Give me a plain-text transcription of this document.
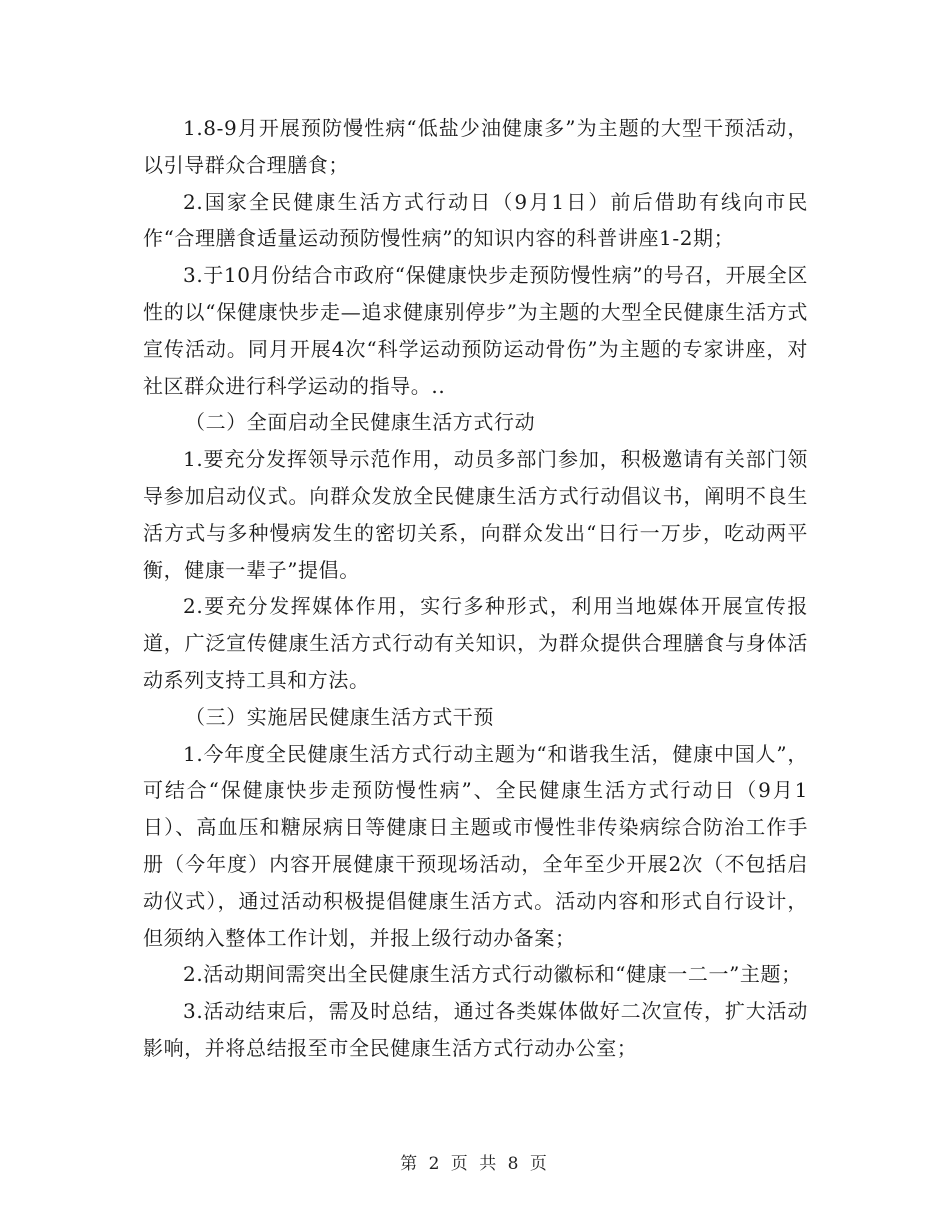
1.8-9月开展预防慢性病“低盐少油健康多”为主题的大型干预活动，以引导群众合理膳食；

2.国家全民健康生活方式行动日（9月1日）前后借助有线向市民作“合理膳食适量运动预防慢性病”的知识内容的科普讲座1-2期；

3.于10月份结合市政府“保健康快步走预防慢性病”的号召，开展全区性的以“保健康快步走—追求健康别停步”为主题的大型全民健康生活方式宣传活动。同月开展4次“科学运动预防运动骨伤”为主题的专家讲座，对社区群众进行科学运动的指导。..

（二）全面启动全民健康生活方式行动

1.要充分发挥领导示范作用，动员多部门参加，积极邀请有关部门领导参加启动仪式。向群众发放全民健康生活方式行动倡议书，阐明不良生活方式与多种慢病发生的密切关系，向群众发出“日行一万步，吃动两平衡，健康一辈子”提倡。

2.要充分发挥媒体作用，实行多种形式，利用当地媒体开展宣传报道，广泛宣传健康生活方式行动有关知识，为群众提供合理膳食与身体活动系列支持工具和方法。

（三）实施居民健康生活方式干预

1.今年度全民健康生活方式行动主题为“和谐我生活，健康中国人”，可结合“保健康快步走预防慢性病”、全民健康生活方式行动日（9月1日）、高血压和糖尿病日等健康日主题或市慢性非传染病综合防治工作手册（今年度）内容开展健康干预现场活动，全年至少开展2次（不包括启动仪式），通过活动积极提倡健康生活方式。活动内容和形式自行设计，但须纳入整体工作计划，并报上级行动办备案；

2.活动期间需突出全民健康生活方式行动徽标和“健康一二一”主题；

3.活动结束后，需及时总结，通过各类媒体做好二次宣传，扩大活动影响，并将总结报至市全民健康生活方式行动办公室；

第 2 页 共 8 页
